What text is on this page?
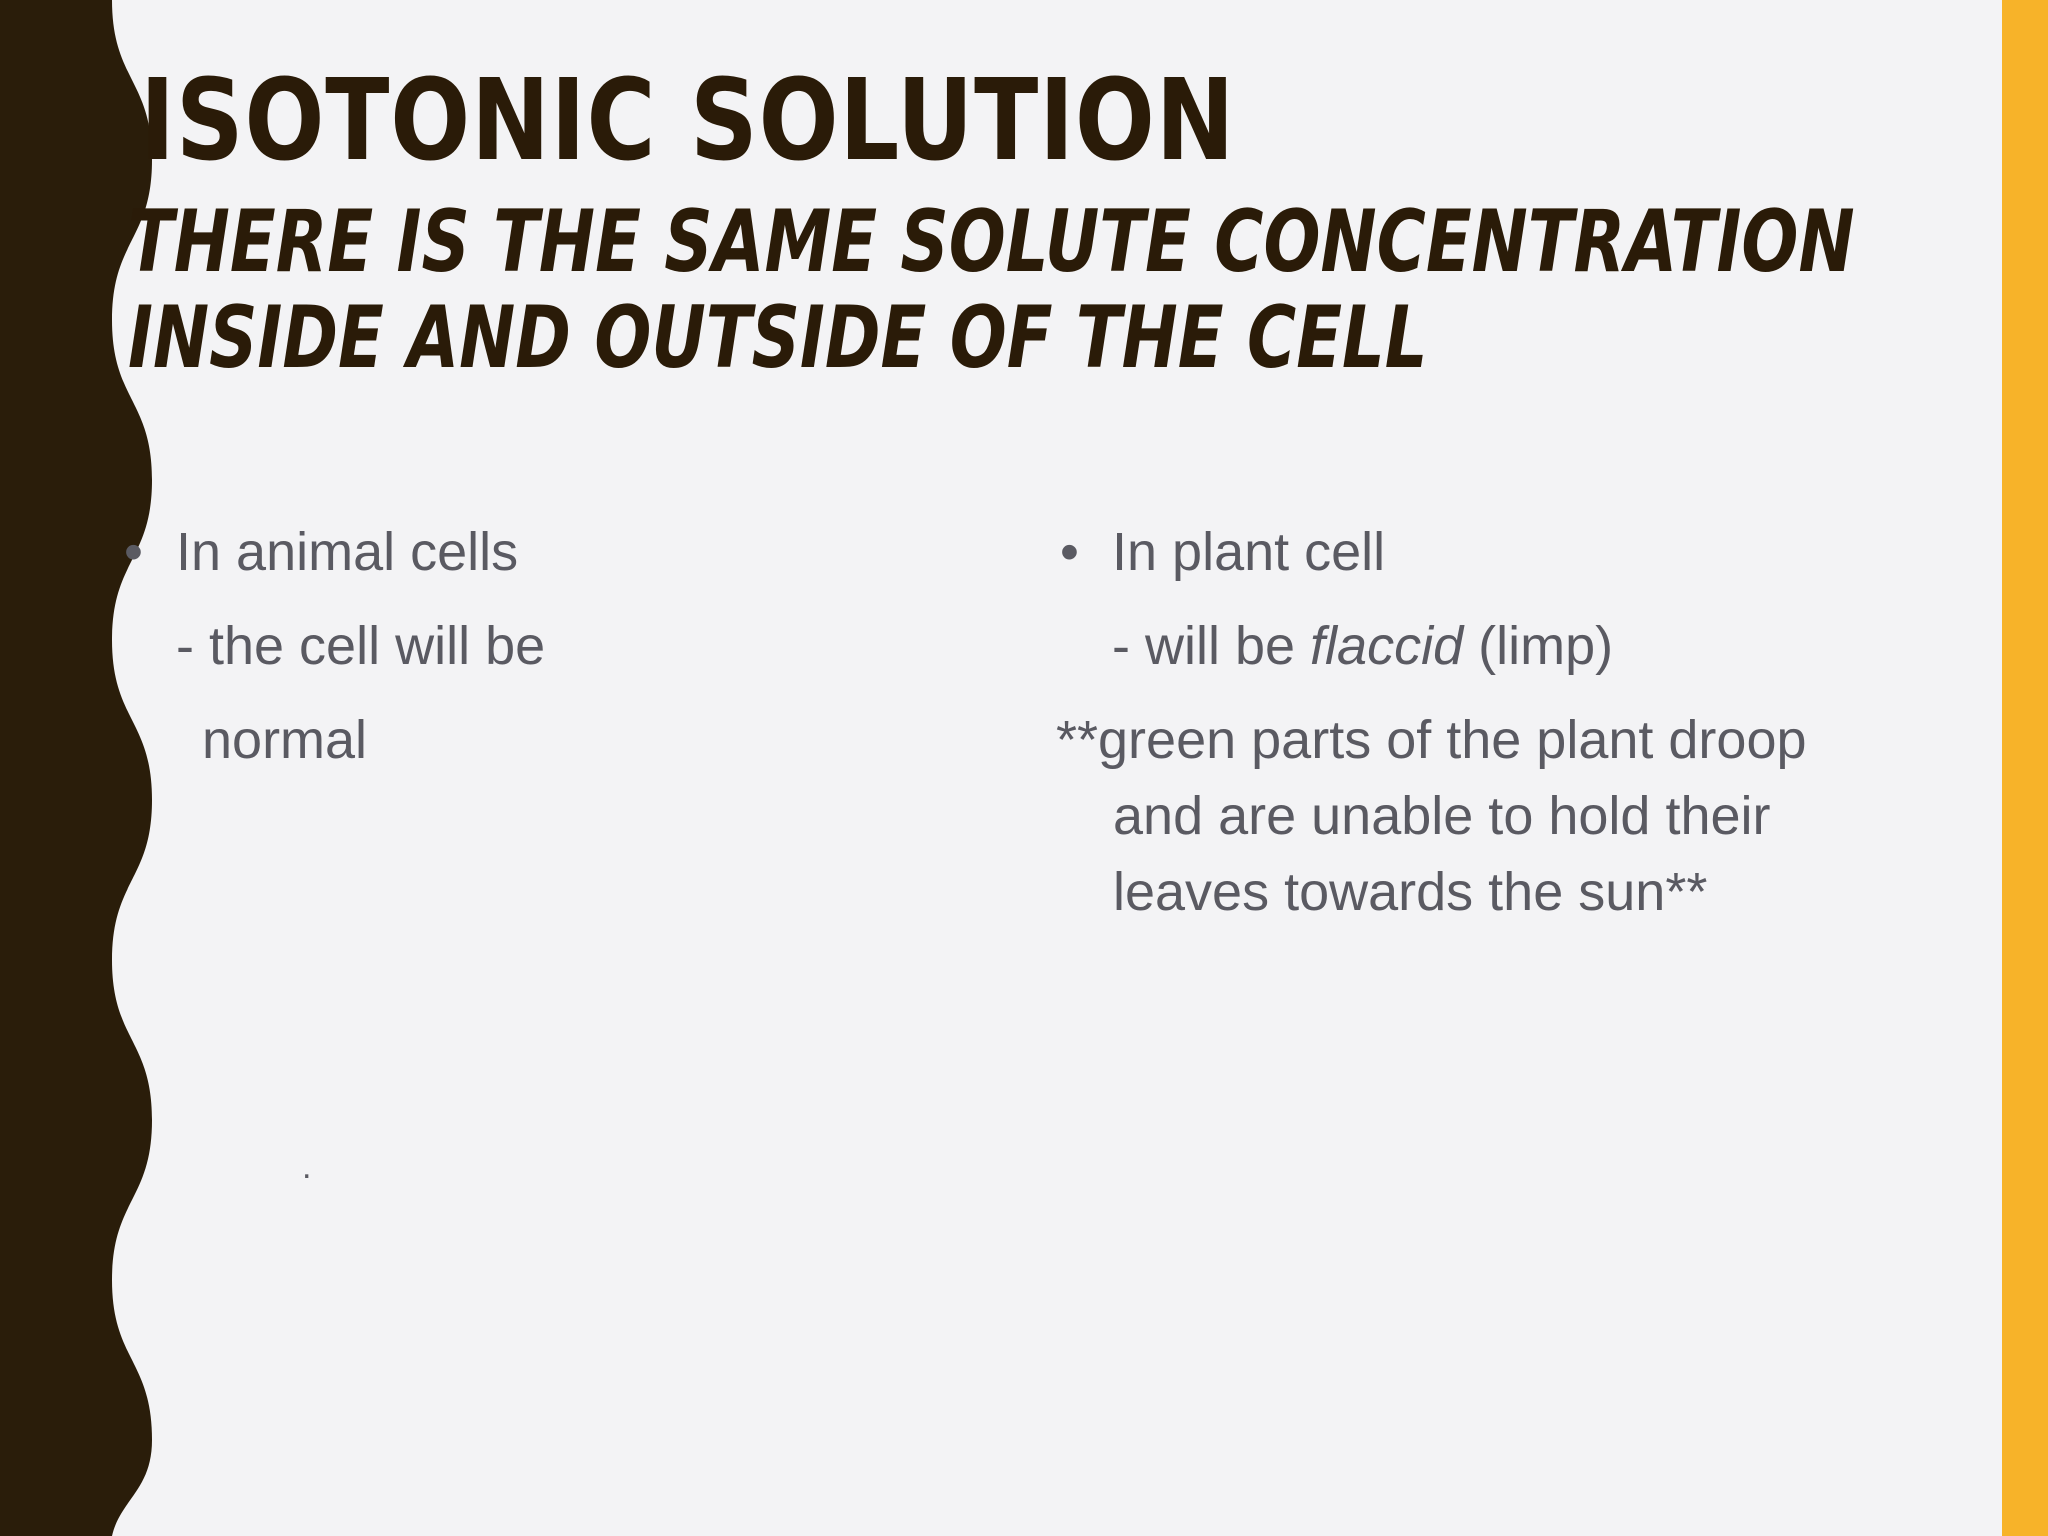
ISOTONIC SOLUTION
THERE IS THE SAME SOLUTE CONCENTRATION
INSIDE AND OUTSIDE OF THE CELL
• In animal cells
- the cell will be
normal
• In plant cell
- will be flaccid (limp)
**green parts of the plant droop
and are unable to hold their
leaves towards the sun**
.
